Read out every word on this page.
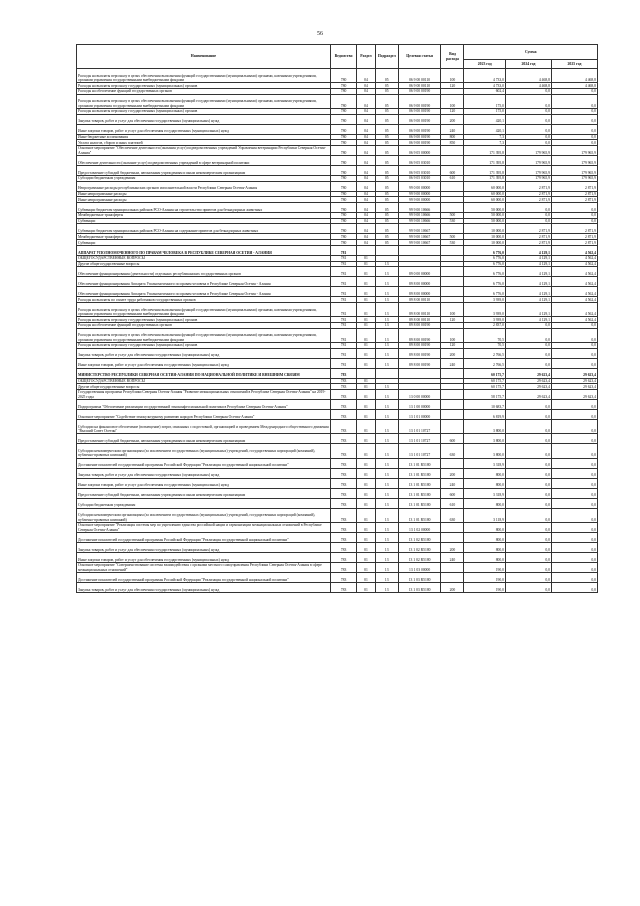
56
Наименование	Ведомство	Раздел	Подраздел	Целевая статья	Вид расхода	Сумма		
						2023 год	2024 год	2025 год
Расходы на выплаты персоналу в целях обеспечения выполнения функций государственными (муниципальными) органами, казенными учреждениями, органами управления государственными внебюджетными фондами	780	04	05	06 9 00 00110	100	4 733,0	4 468,8	4 468,8
Расходы на выплаты персоналу государственных (муниципальных) органов	780	04	05	06 9 00 00110	120	4 733,0	4 468,8	4 468,8
Расходы на обеспечение функций государственных органов	780	04	05	06 9 00 00190		602,4	0,0	0,0
Расходы на выплаты персоналу в целях обеспечения выполнения функций государственными (муниципальными) органами, казенными учреждениями, органами управления государственными внебюджетными фондами	780	04	05	06 9 00 00190	100	175,0	0,0	0,0
Расходы на выплаты персоналу государственных (муниципальных) органов	780	04	05	06 9 00 00190	120	175,0	0,0	0,0
Закупка товаров, работ и услуг для обеспечения государственных (муниципальных) нужд	780	04	05	06 9 00 00190	200	420,1	0,0	0,0
Иные закупки товаров, работ и услуг для обеспечения государственных (муниципальных) нужд	780	04	05	06 9 00 00190	240	420,1	0,0	0,0
Иные бюджетные ассигнования	780	04	05	06 9 00 00190	800	7,3	0,0	0,0
Уплата налогов, сборов и иных платежей	780	04	05	06 9 00 00190	850	7,3	0,0	0,0
Основное мероприятие "Обеспечение деятельности (оказания услуг) подведомственных учреждений Управления ветеринарии Республики Северная Осетия-Алания"	780	04	05	06 9 05 00000		171 395,8	179 965,9	179 965,9
Обеспечение деятельности (оказание услуг) подведомственных учреждений в сфере ветеринарной политики	780	04	05	06 9 05 03010		171 395,8	179 965,9	179 965,9
Предоставление субсидий бюджетным, автономным учреждениям и иным некоммерческим организациям	780	04	05	06 9 05 03010	600	171 395,8	179 965,9	179 965,9
Субсидии бюджетным учреждениям	780	04	05	06 9 05 03010	610	171 395,8	179 965,9	179 965,9
Непрограммные расходы республиканских органов исполнительной власти Республики Северная Осетия-Алания	780	04	05	99 0 00 00000		60 000,0	2 871,9	2 871,9
Иные непрограммные расходы	780	04	05	99 9 00 00000		60 000,0	2 871,9	2 871,9
Иные непрограммные расходы	780	04	05	99 9 00 00000		60 000,0	2 871,9	2 871,9
Субвенции бюджетам муниципальных районов РСО-Алания на строительство приютов для безнадзорных животных	780	04	05	99 9 00 10666		50 000,0	0,0	0,0
Межбюджетные трансферты	780	04	05	99 9 00 10666	500	50 000,0	0,0	0,0
Субвенции	780	04	05	99 9 00 10666	530	50 000,0	0,0	0,0
Субвенции бюджетам муниципальных районов РСО-Алания на содержание приютов для безнадзорных животных	780	04	05	99 9 00 10667		10 000,0	2 871,9	2 871,9
Межбюджетные трансферты	780	04	05	99 9 00 10667	500	10 000,0	2 871,9	2 871,9
Субвенции	780	04	05	99 9 00 10667	530	10 000,0	2 871,9	2 871,9
АППАРАТ УПОЛНОМОЧЕННОГО ПО ПРАВАМ ЧЕЛОВЕКА В РЕСПУБЛИКЕ СЕВЕРНАЯ ОСЕТИЯ - АЛАНИЯ	781					6 776,0	4 129,1	4 562,4
ОБЩЕГОСУДАРСТВЕННЫЕ ВОПРОСЫ	781	01				6 776,0	4 129,1	4 562,4
Другие общегосударственные вопросы	781	01	13			6 776,0	4 129,1	4 562,4
Обеспечение функционирования (деятельности) отдельных республиканских государственных органов	781	01	13	89 0 00 00000		6 776,0	4 129,1	4 562,4
Обеспечение функционирования Аппарата Уполномоченного по правам человека в Республике Северная Осетия - Алания	781	01	13	89 8 00 00000		6 776,0	4 129,1	4 562,4
Обеспечение функционирования Аппарата Уполномоченного по правам человека в Республике Северная Осетия - Алания	781	01	13	89 8 00 00000		6 776,0	4 129,1	4 562,4
Расходы на выплаты по оплате труда работников государственных органов	781	01	13	89 8 00 00110		3 939,0	4 129,1	4 562,4
Расходы на выплаты персоналу в целях обеспечения выполнения функций государственными (муниципальными) органами, казенными учреждениями, органами управления государственными внебюджетными фондами	781	01	13	89 8 00 00110	100	3 939,0	4 129,1	4 562,4
Расходы на выплаты персоналу государственных (муниципальных) органов	781	01	13	89 8 00 00110	120	3 939,0	4 129,1	4 562,4
Расходы на обеспечение функций государственных органов	781	01	13	89 8 00 00190		2 837,0	0,0	0,0
Расходы на выплаты персоналу в целях обеспечения выполнения функций государственными (муниципальными) органами, казенными учреждениями, органами управления государственными внебюджетными фондами	781	01	13	89 8 00 00190	100	70,5	0,0	0,0
Расходы на выплаты персоналу государственных (муниципальных) органов	781	01	13	89 8 00 00190	120	70,5	0,0	0,0
Закупка товаров, работ и услуг для обеспечения государственных (муниципальных) нужд	781	01	13	89 8 00 00190	200	2 766,5	0,0	0,0
Иные закупки товаров, работ и услуг для обеспечения государственных (муниципальных) нужд	781	01	13	89 8 00 00190	240	2 766,5	0,0	0,0
МИНИСТЕРСТВО РЕСПУБЛИКИ СЕВЕРНАЯ ОСЕТИЯ-АЛАНИЯ ПО НАЦИОНАЛЬНОЙ ПОЛИТИКЕ И ВНЕШНИМ СВЯЗЯМ	783					60 175,7	29 623,4	29 623,4
ОБЩЕГОСУДАРСТВЕННЫЕ ВОПРОСЫ	783	01				60 175,7	29 623,4	29 623,4
Другие общегосударственные вопросы	783	01	13			60 175,7	29 623,4	29 623,4
Государственная программа Республики Северная Осетия-Алания "Развитие межнациональных отношений в Республике Северная Осетия-Алания" на 2019-2025 годы	783	01	13	13 0 00 00000		58 175,7	29 623,4	29 623,4
Подпрограмма "Обеспечение реализации государственной этноконфессиональной политики в Республике Северная Осетия-Алания"	783	01	13	13 1 00 00000		10 683,7	0,0	0,0
Основное мероприятие "Содействие этнокультурному развитию народов Республики Северная Осетия-Алания"	783	01	13	13 1 01 00000		6 819,9	0,0	0,0
Субсидии на финансовое обеспечение (возмещение) затрат, связанных с подготовкой, организацией и проведением Международного общественного движения "Высший Совет Осетин"	783	01	13	13 1 01 10727		3 800,0	0,0	0,0
Предоставление субсидий бюджетным, автономным учреждениям и иным некоммерческим организациям	783	01	13	13 1 01 10727	600	3 800,0	0,0	0,0
Субсидии некоммерческим организациям (за исключением государственных (муниципальных) учреждений, государственных корпораций (компаний), публично-правовых компаний)	783	01	13	13 1 01 10727	630	3 800,0	0,0	0,0
Достижение показателей государственной программы Российской Федерации "Реализация государственной национальной политики"	783	01	13	13 1 01 R5180		3 318,9	0,0	0,0
Закупка товаров, работ и услуг для обеспечения государственных (муниципальных) нужд	783	01	13	13 1 01 R5180	200	800,0	0,0	0,0
Иные закупки товаров, работ и услуг для обеспечения государственных (муниципальных) нужд	783	01	13	13 1 01 R5180	240	800,0	0,0	0,0
Предоставление субсидий бюджетным, автономным учреждениям и иным некоммерческим организациям	783	01	13	13 1 01 R5180	600	3 318,9	0,0	0,0
Субсидии бюджетным учреждениям	783	01	13	13 1 01 R5180	610	800,0	0,0	0,0
Субсидии некоммерческим организациям (за исключением государственных (муниципальных) учреждений, государственных корпораций (компаний), публично-правовых компаний)	783	01	13	13 1 01 R5180	630	3 118,9	0,0	0,0
Основное мероприятие "Реализация системы мер по укреплению единства российской нации и гармонизации межнациональных отношений в Республике Северная Осетия-Алания"	783	01	13	13 1 02 00000		800,0	0,0	0,0
Достижение показателей государственной программы Российской Федерации "Реализация государственной национальной политики"	783	01	13	13 1 02 R5180		800,0	0,0	0,0
Закупка товаров, работ и услуг для обеспечения государственных (муниципальных) нужд	783	01	13	13 1 02 R5180	200	800,0	0,0	0,0
Иные закупки товаров, работ и услуг для обеспечения государственных (муниципальных) нужд	783	01	13	13 1 02 R5180	240	800,0	0,0	0,0
Основное мероприятие "Совершенствование системы взаимодействия с органами местного самоуправления Республики Северная Осетия-Алания в сфере межнациональных отношений"	783	01	13	13 1 03 00000		190,0	0,0	0,0
Достижение показателей государственной программы Российской Федерации "Реализация государственной национальной политики"	783	01	13	13 1 03 R5180		190,0	0,0	0,0
Закупка товаров, работ и услуг для обеспечения государственных (муниципальных) нужд	783	01	13	13 1 03 R5180	200	190,0	0,0	0,0
